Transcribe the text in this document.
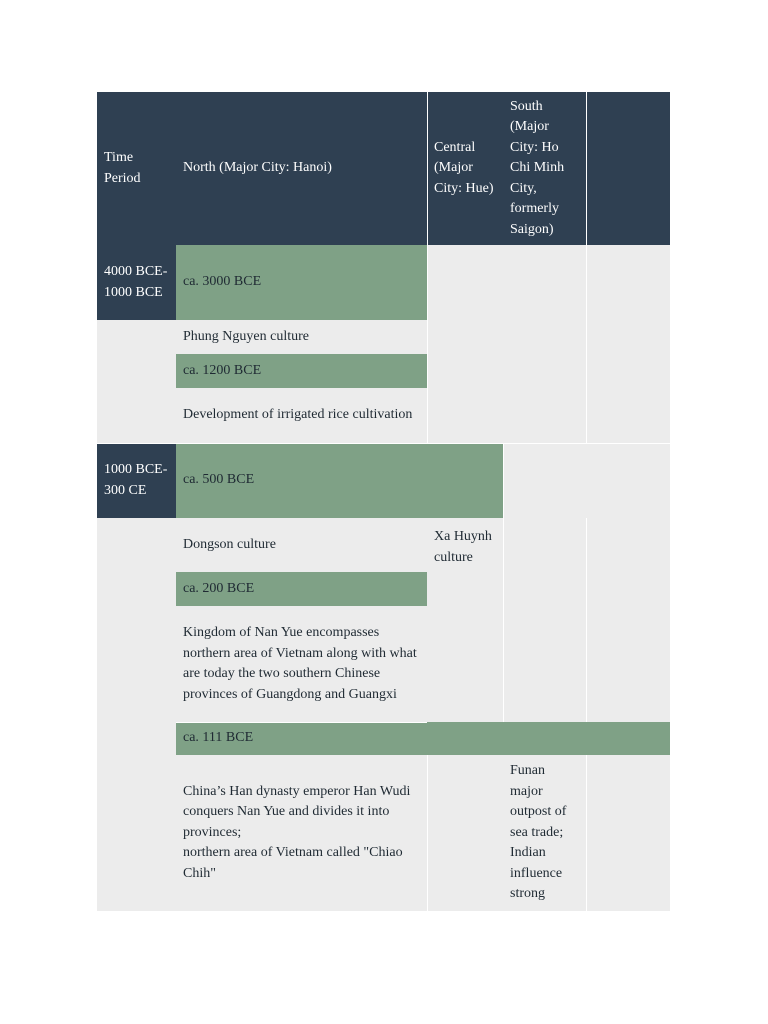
Time Period
North (Major City: Hanoi)
Central (Major City: Hue)
South (Major City: Ho Chi Minh City, formerly Saigon)
4000 BCE-1000 BCE
ca. 3000 BCE
Phung Nguyen culture
ca. 1200 BCE
Development of irrigated rice cultivation
1000 BCE-300 CE
ca. 500 BCE
Dongson culture
Xa Huynh culture
ca. 200 BCE
Kingdom of Nan Yue encompasses northern area of Vietnam along with what are today the two southern Chinese provinces of Guangdong and Guangxi
ca. 111 BCE
China’s Han dynasty emperor Han Wudi conquers Nan Yue and divides it into provinces;
northern area of Vietnam called "Chiao Chih"
Funan major outpost of sea trade; Indian influence strong
